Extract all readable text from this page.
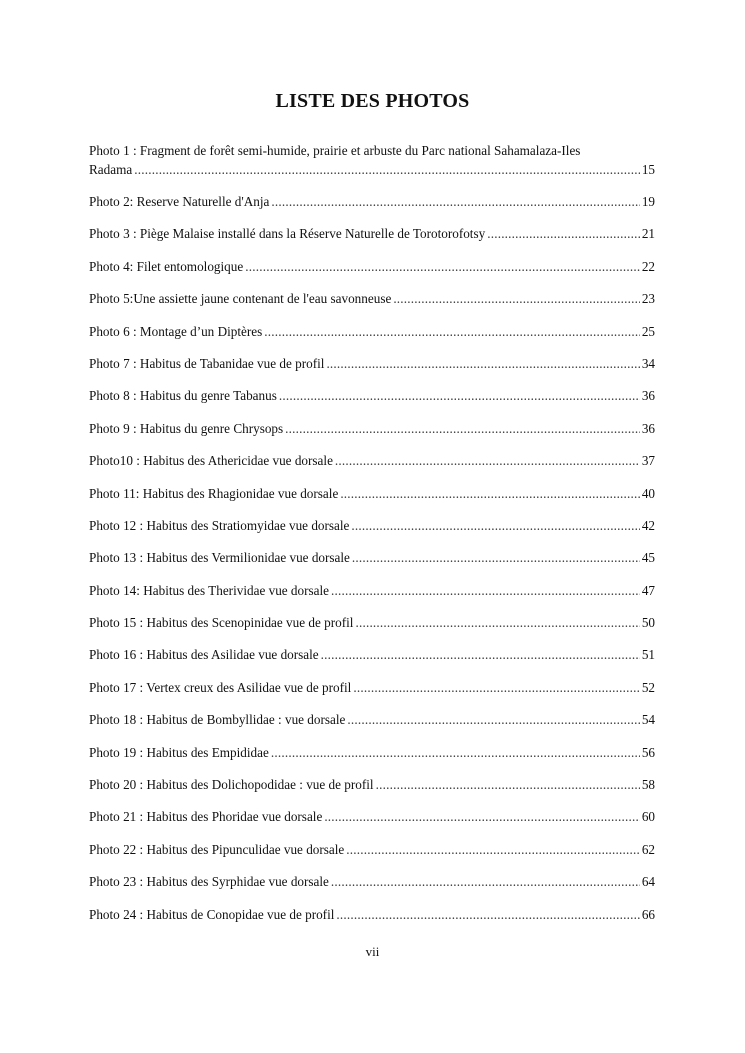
LISTE DES PHOTOS
Photo 1 : Fragment de forêt semi-humide, prairie et arbuste du Parc national Sahamalaza-Iles
Radama .....	15
Photo 2: Reserve Naturelle d'Anja .....	19
Photo 3 : Piège Malaise installé dans la Réserve Naturelle de Torotorofotsy .....	21
Photo 4: Filet entomologique .....	22
Photo 5:Une assiette jaune contenant de l'eau savonneuse .....	23
Photo 6 : Montage d’un Diptères .....	25
Photo 7 : Habitus de Tabanidae vue de profil .....	34
Photo 8 : Habitus du genre Tabanus .....	36
Photo 9 : Habitus du genre Chrysops .....	36
Photo10 : Habitus des Athericidae vue dorsale .....	37
Photo 11: Habitus des Rhagionidae vue dorsale .....	40
Photo 12 : Habitus des Stratiomyidae vue dorsale .....	42
Photo 13 : Habitus des Vermilionidae vue dorsale .....	45
Photo 14: Habitus des Therividae vue dorsale .....	47
Photo 15 : Habitus des Scenopinidae vue de profil .....	50
Photo 16 : Habitus des Asilidae vue dorsale .....	51
Photo 17 : Vertex creux des Asilidae vue de profil .....	52
Photo 18 : Habitus de Bombyllidae : vue dorsale .....	54
Photo 19 : Habitus des Empididae .....	56
Photo 20 : Habitus des Dolichopodidae : vue de profil .....	58
Photo 21 : Habitus des Phoridae vue dorsale .....	60
Photo 22 : Habitus des Pipunculidae vue dorsale .....	62
Photo 23 : Habitus des Syrphidae vue dorsale .....	64
Photo 24 : Habitus de Conopidae vue de profil .....	66
vii
